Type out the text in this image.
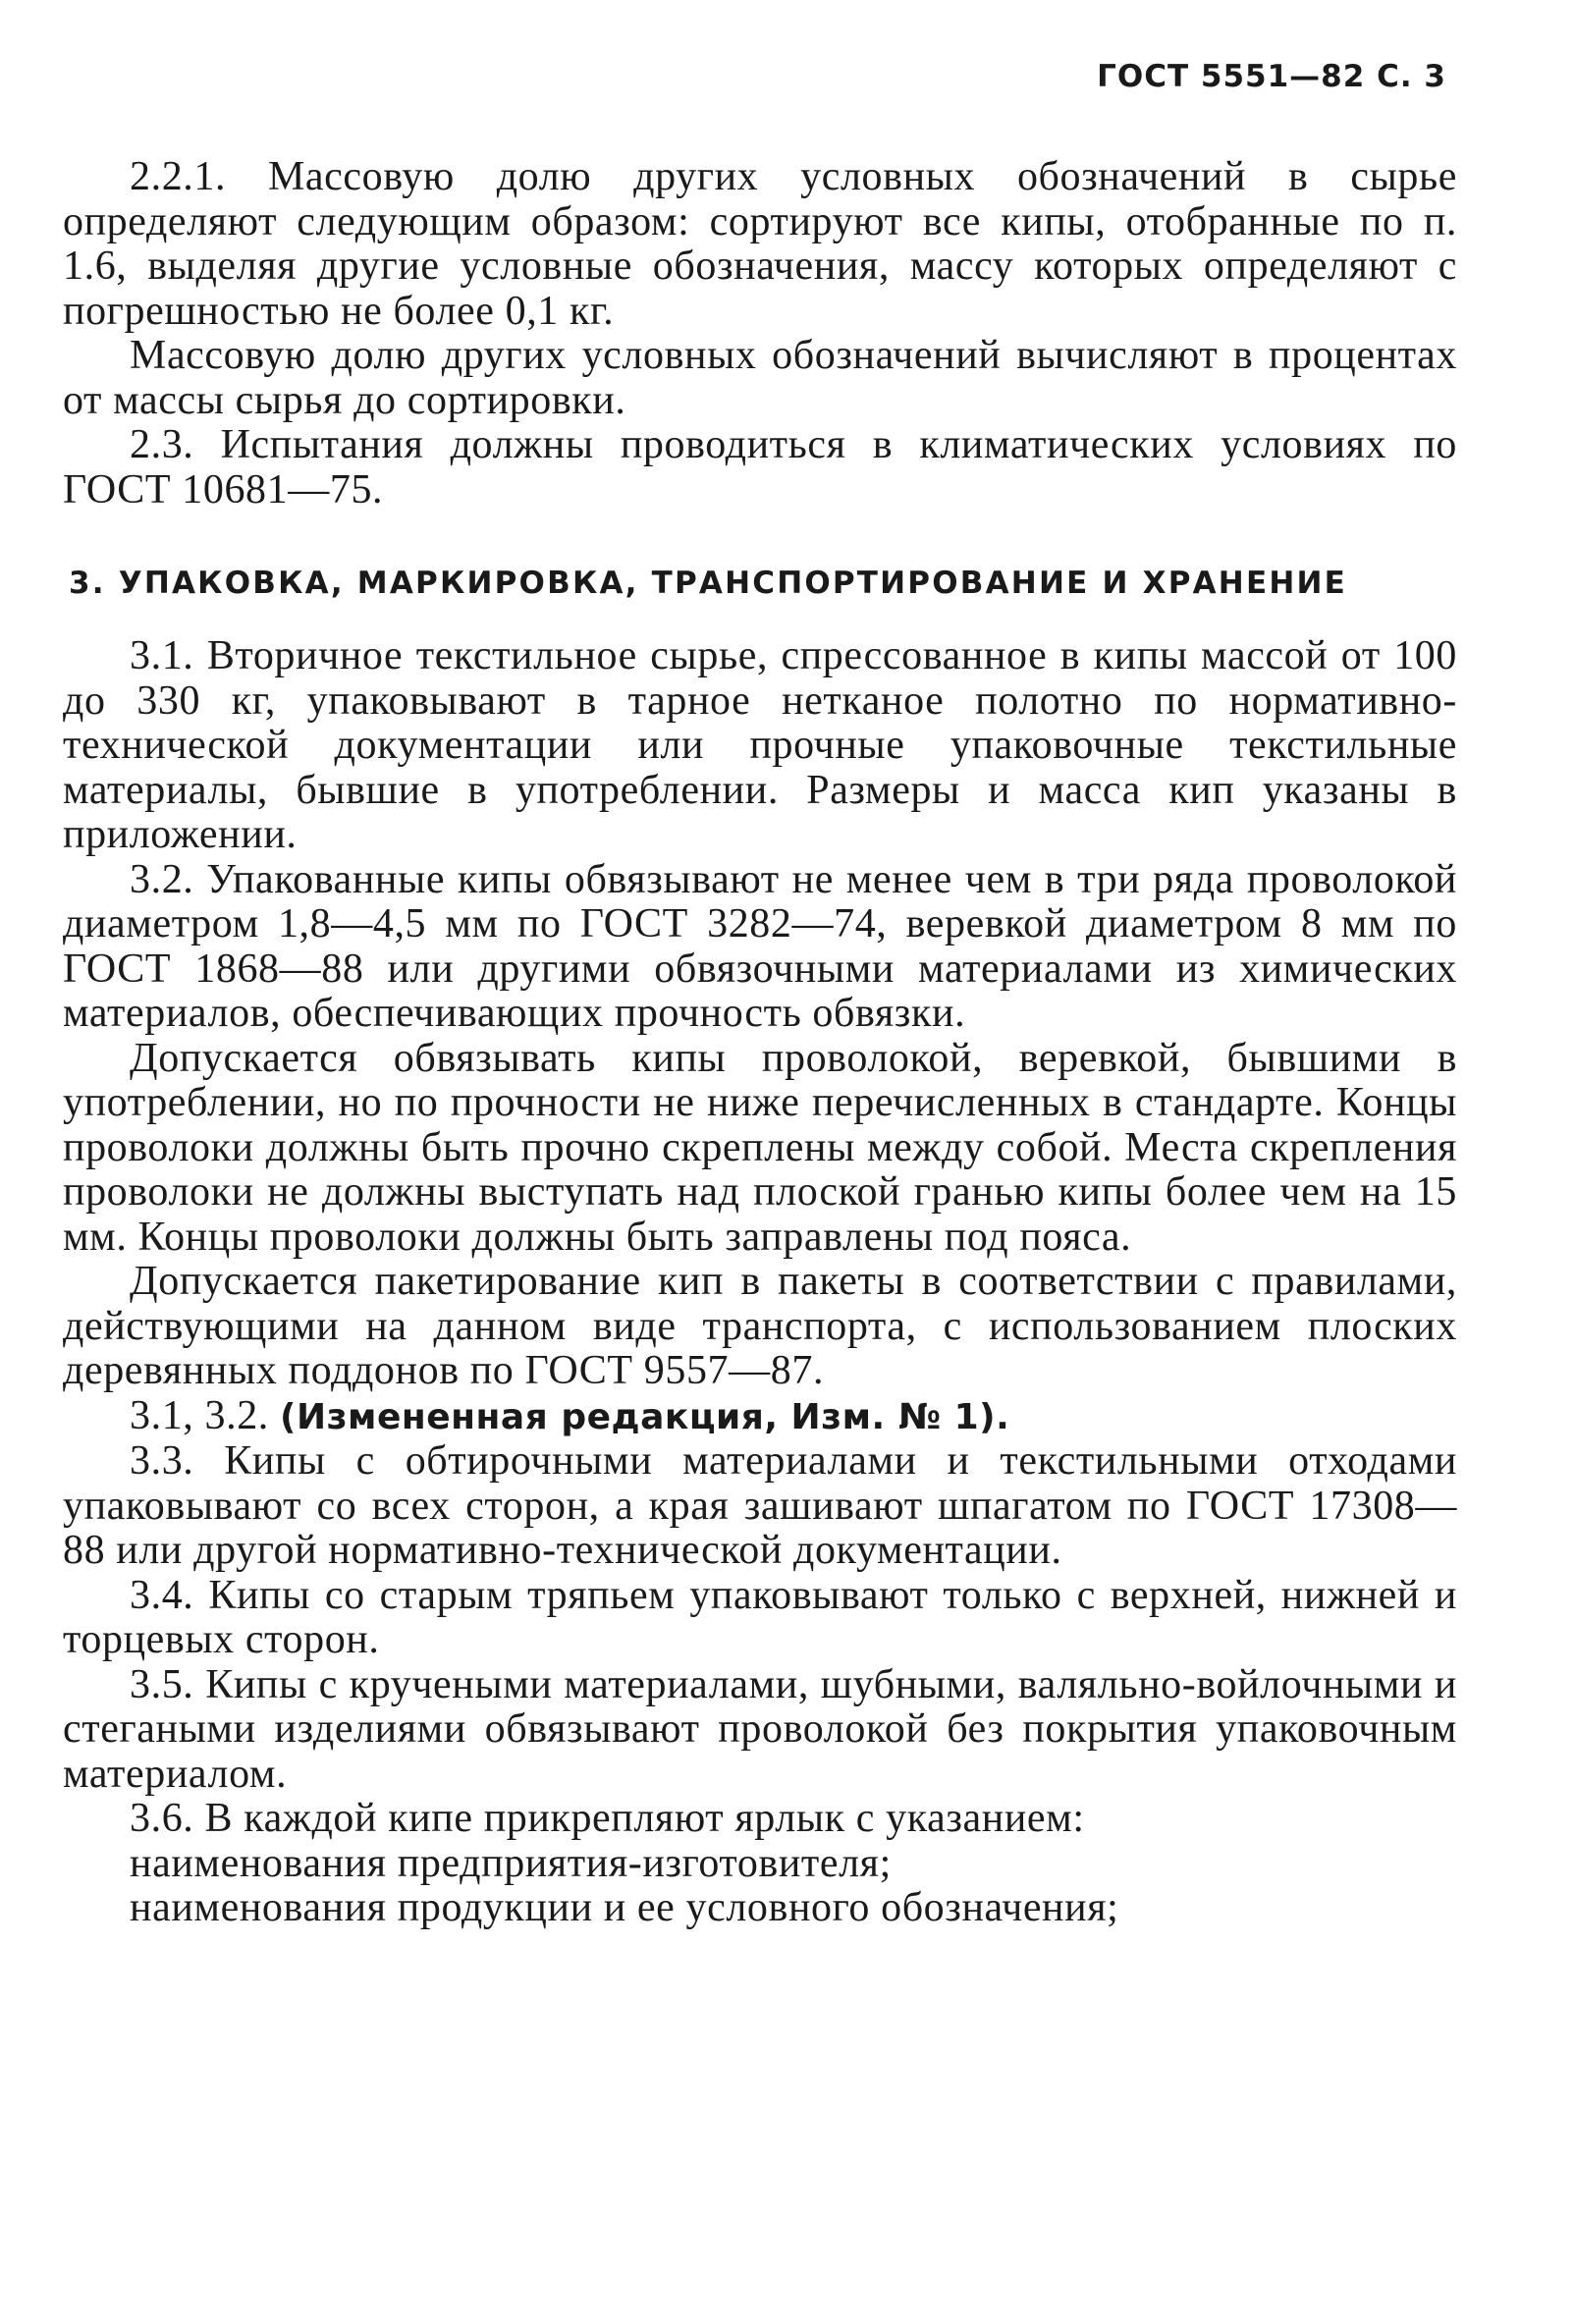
ГОСТ 5551—82 С. 3

2.2.1. Массовую долю других условных обозначений в сырье определяют следующим образом: сортируют все кипы, отобранные по п. 1.6, выделяя другие условные обозначения, массу которых определяют с погрешностью не более 0,1 кг.

Массовую долю других условных обозначений вычисляют в процентах от массы сырья до сортировки.

2.3. Испытания должны проводиться в климатических условиях по ГОСТ 10681—75.

3. УПАКОВКА, МАРКИРОВКА, ТРАНСПОРТИРОВАНИЕ И ХРАНЕНИЕ

3.1. Вторичное текстильное сырье, спрессованное в кипы массой от 100 до 330 кг, упаковывают в тарное нетканое полотно по нормативно-технической документации или прочные упаковочные текстильные материалы, бывшие в употреблении. Размеры и масса кип указаны в приложении.

3.2. Упакованные кипы обвязывают не менее чем в три ряда проволокой диаметром 1,8—4,5 мм по ГОСТ 3282—74, веревкой диаметром 8 мм по ГОСТ 1868—88 или другими обвязочными материалами из химических материалов, обеспечивающих прочность обвязки.

Допускается обвязывать кипы проволокой, веревкой, бывшими в употреблении, но по прочности не ниже перечисленных в стандарте. Концы проволоки должны быть прочно скреплены между собой. Места скрепления проволоки не должны выступать над плоской гранью кипы более чем на 15 мм. Концы проволоки должны быть заправлены под пояса.

Допускается пакетирование кип в пакеты в соответствии с правилами, действующими на данном виде транспорта, с использованием плоских деревянных поддонов по ГОСТ 9557—87.

3.1, 3.2. (Измененная редакция, Изм. № 1).

3.3. Кипы с обтирочными материалами и текстильными отходами упаковывают со всех сторон, а края зашивают шпагатом по ГОСТ 17308—88 или другой нормативно-технической документации.

3.4. Кипы со старым тряпьем упаковывают только с верхней, нижней и торцевых сторон.

3.5. Кипы с кручеными материалами, шубными, валяльно-войлочными и стегаными изделиями обвязывают проволокой без покрытия упаковочным материалом.

3.6. В каждой кипе прикрепляют ярлык с указанием:

наименования предприятия-изготовителя;

наименования продукции и ее условного обозначения;
